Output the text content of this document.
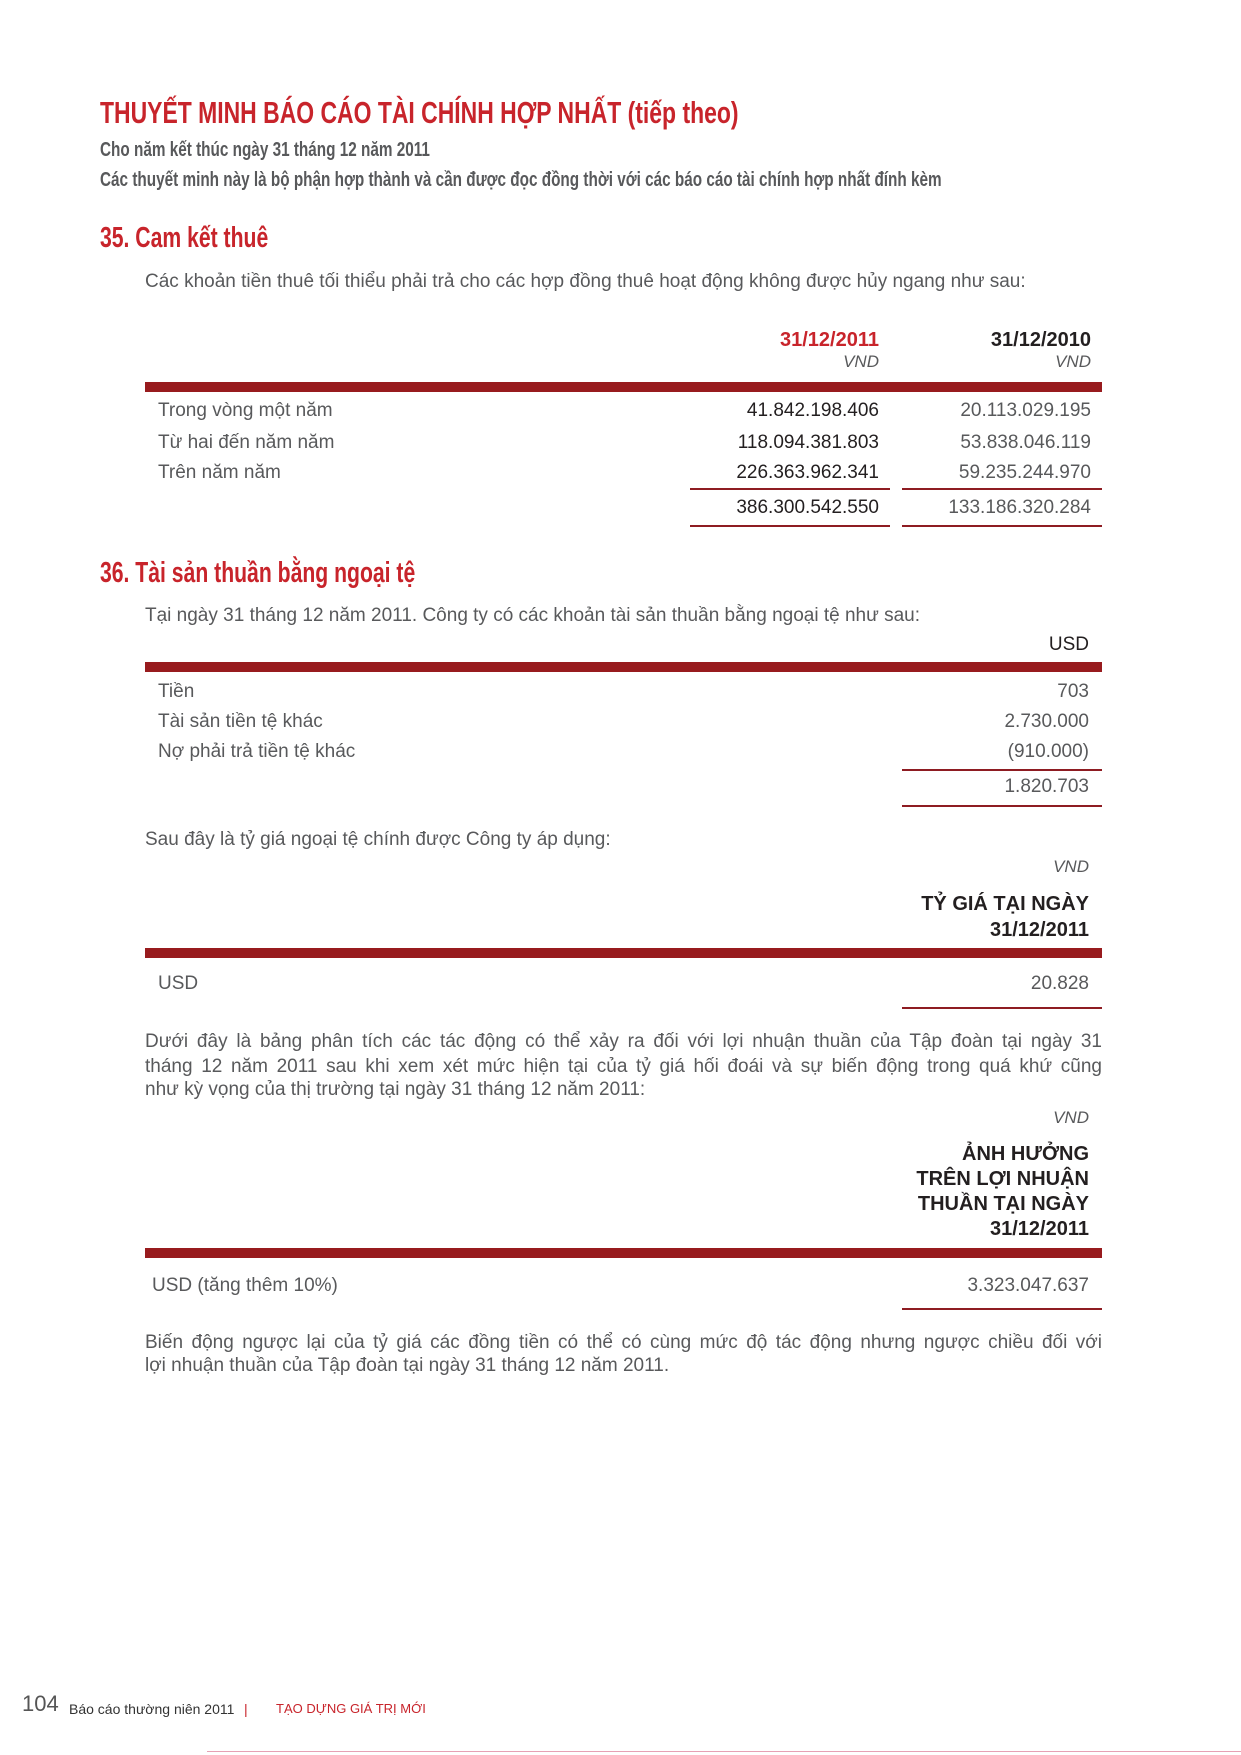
THUYẾT MINH BÁO CÁO TÀI CHÍNH HỢP NHẤT (tiếp theo)
Cho năm kết thúc ngày 31 tháng 12 năm 2011
Các thuyết minh này là bộ phận hợp thành và cần được đọc đồng thời với các báo cáo tài chính hợp nhất đính kèm
35. Cam kết thuê
Các khoản tiền thuê tối thiểu phải trả cho các hợp đồng thuê hoạt động không được hủy ngang như sau:
31/12/2011
VND
31/12/2010
VND
Trong vòng một năm	41.842.198.406	20.113.029.195
Từ hai đến năm năm	118.094.381.803	53.838.046.119
Trên năm năm	226.363.962.341	59.235.244.970
386.300.542.550	133.186.320.284
36. Tài sản thuần bằng ngoại tệ
Tại ngày 31 tháng 12 năm 2011. Công ty có các khoản tài sản thuần bằng ngoại tệ như sau:
USD
Tiền	703
Tài sản tiền tệ khác	2.730.000
Nợ phải trả tiền tệ khác	(910.000)
1.820.703
Sau đây là tỷ giá ngoại tệ chính được Công ty áp dụng:
VND
TỶ GIÁ TẠI NGÀY
31/12/2011
USD	20.828
Dưới đây là bảng phân tích các tác động có thể xảy ra đối với lợi nhuận thuần của Tập đoàn tại ngày 31
tháng 12 năm 2011 sau khi xem xét mức hiện tại của tỷ giá hối đoái và sự biến động trong quá khứ cũng
như kỳ vọng của thị trường tại ngày 31 tháng 12 năm 2011:
VND
ẢNH HƯỞNG
TRÊN LỢI NHUẬN
THUẦN TẠI NGÀY
31/12/2011
USD (tăng thêm 10%)	3.323.047.637
Biến động ngược lại của tỷ giá các đồng tiền có thể có cùng mức độ tác động nhưng ngược chiều đối với
lợi nhuận thuần của Tập đoàn tại ngày 31 tháng 12 năm 2011.
104 Báo cáo thường niên 2011 | TẠO DỰNG GIÁ TRỊ MỚI
